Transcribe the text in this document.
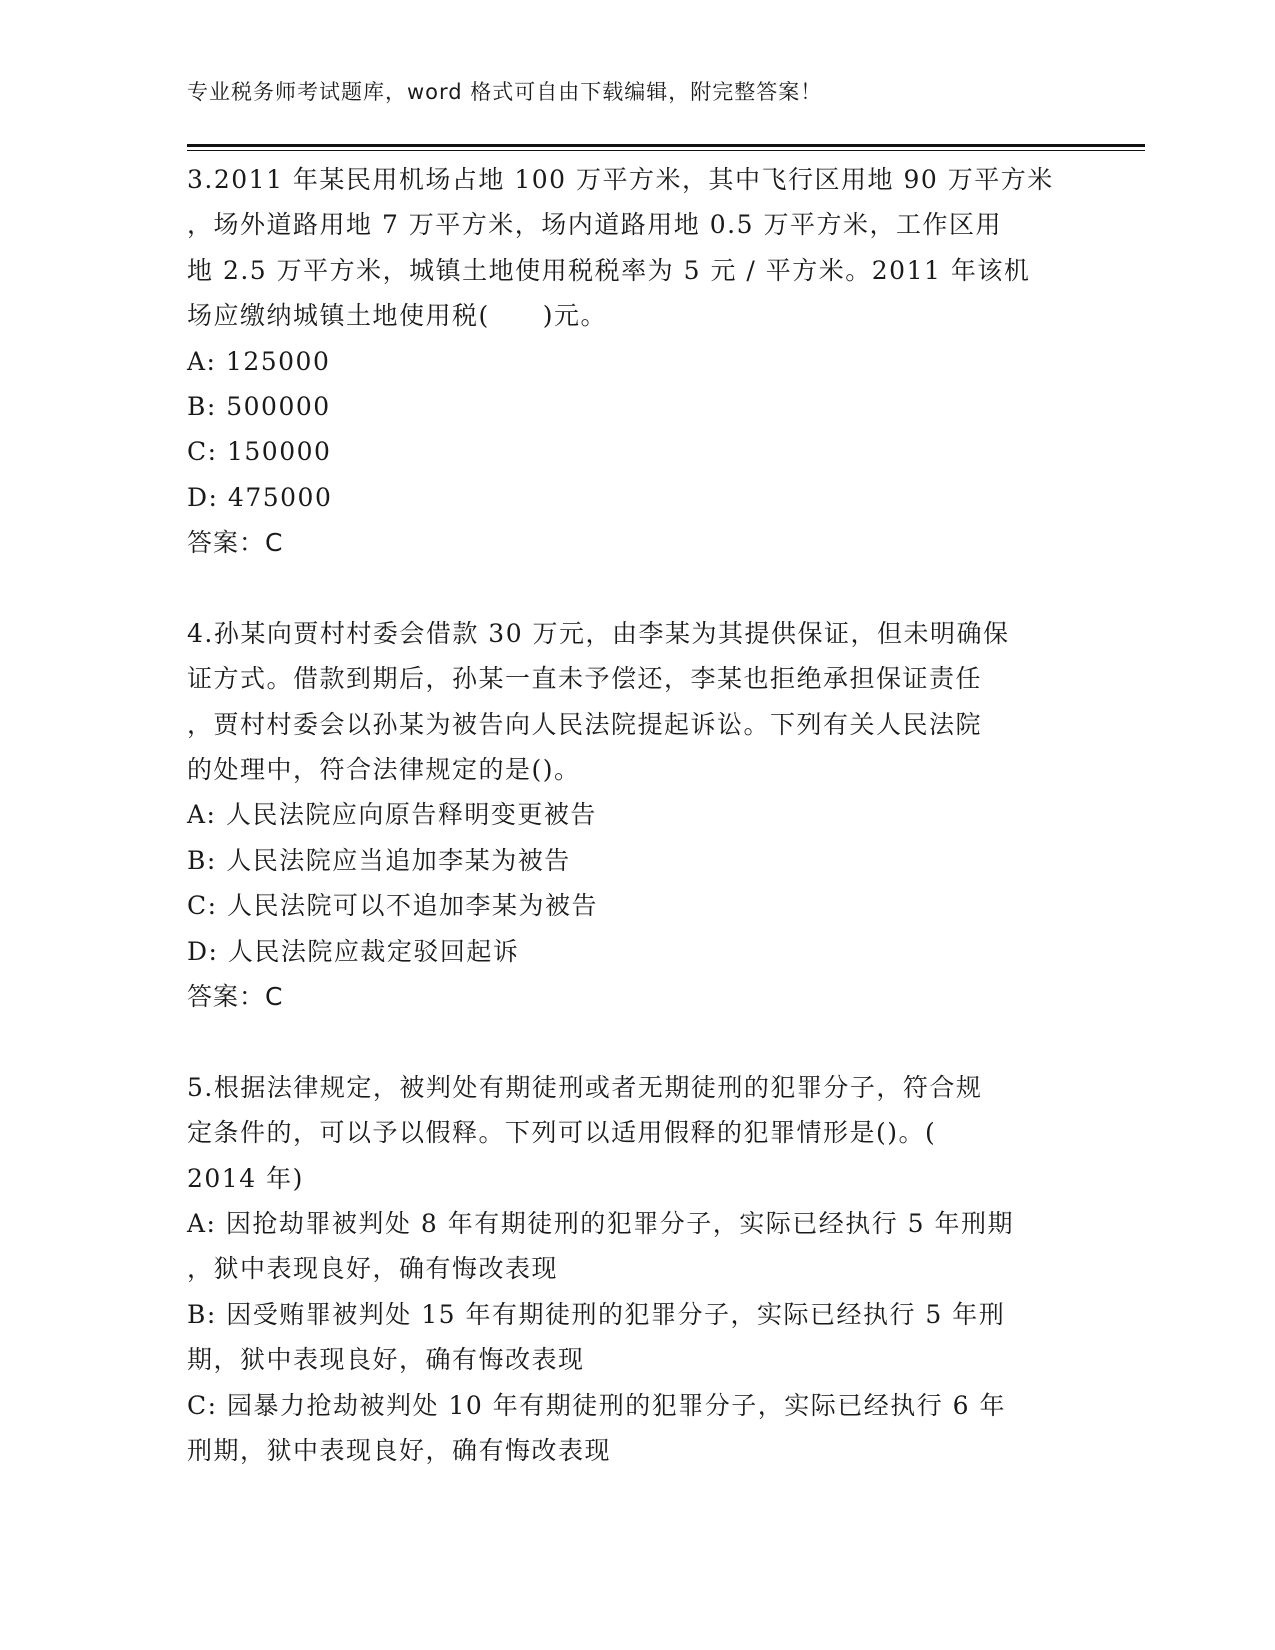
专业税务师考试题库，word 格式可自由下载编辑，附完整答案！
3.2011 年某民用机场占地 100 万平方米，其中飞行区用地 90 万平方米
，场外道路用地 7 万平方米，场内道路用地 0.5 万平方米，工作区用
地 2.5 万平方米，城镇土地使用税税率为 5 元 / 平方米。2011 年该机
场应缴纳城镇土地使用税(　　)元。
A: 125000
B: 500000
C: 150000
D: 475000
答案：C
4.孙某向贾村村委会借款 30 万元，由李某为其提供保证，但未明确保
证方式。借款到期后，孙某一直未予偿还，李某也拒绝承担保证责任
，贾村村委会以孙某为被告向人民法院提起诉讼。下列有关人民法院
的处理中，符合法律规定的是()。
A: 人民法院应向原告释明变更被告
B: 人民法院应当追加李某为被告
C: 人民法院可以不追加李某为被告
D: 人民法院应裁定驳回起诉
答案：C
5.根据法律规定，被判处有期徒刑或者无期徒刑的犯罪分子，符合规
定条件的，可以予以假释。下列可以适用假释的犯罪情形是()。(
2014 年)
A: 因抢劫罪被判处 8 年有期徒刑的犯罪分子，实际已经执行 5 年刑期
，狱中表现良好，确有悔改表现
B: 因受贿罪被判处 15 年有期徒刑的犯罪分子，实际已经执行 5 年刑
期，狱中表现良好，确有悔改表现
C: 园暴力抢劫被判处 10 年有期徒刑的犯罪分子，实际已经执行 6 年
刑期，狱中表现良好，确有悔改表现
